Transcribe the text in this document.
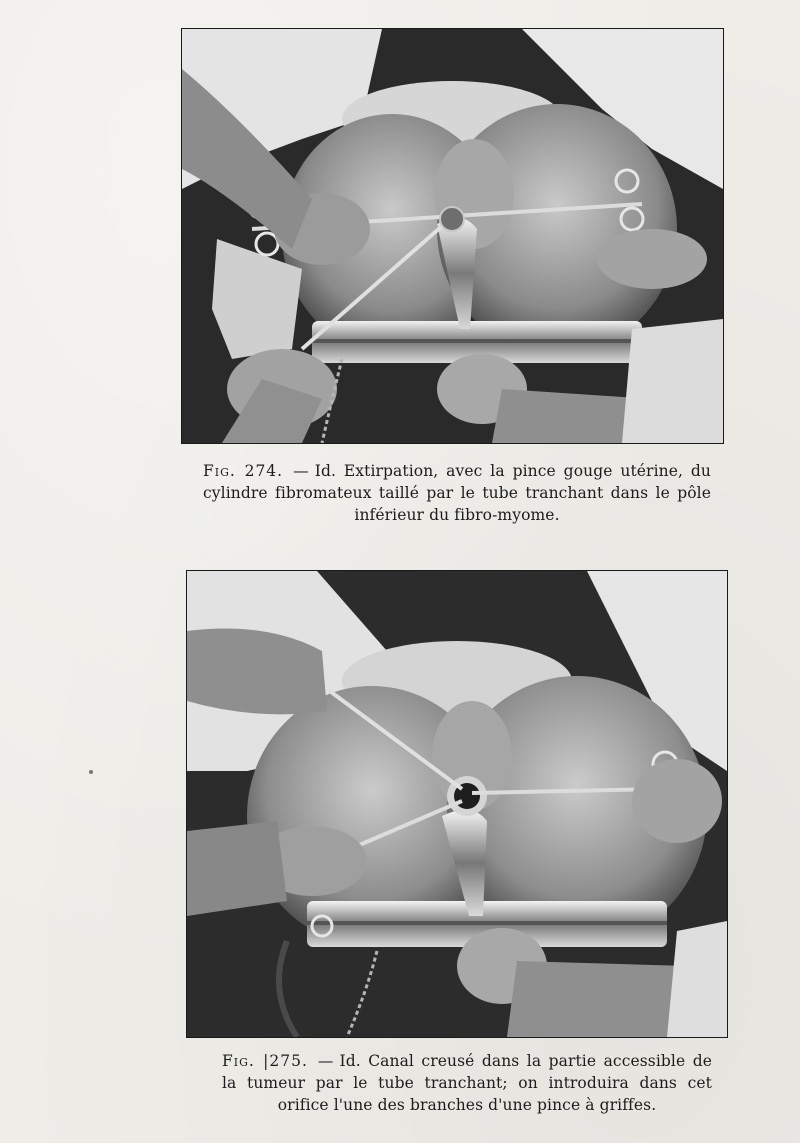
Fig. 274. — Id. Extirpation, avec la pince gouge utérine, du cylindre fibromateux taillé par le tube tranchant dans le pôle inférieur du fibro-myome.
Fig. |275. — Id. Canal creusé dans la partie accessible de la tumeur par le tube tranchant; on introduira dans cet orifice l'une des branches d'une pince à griffes.
